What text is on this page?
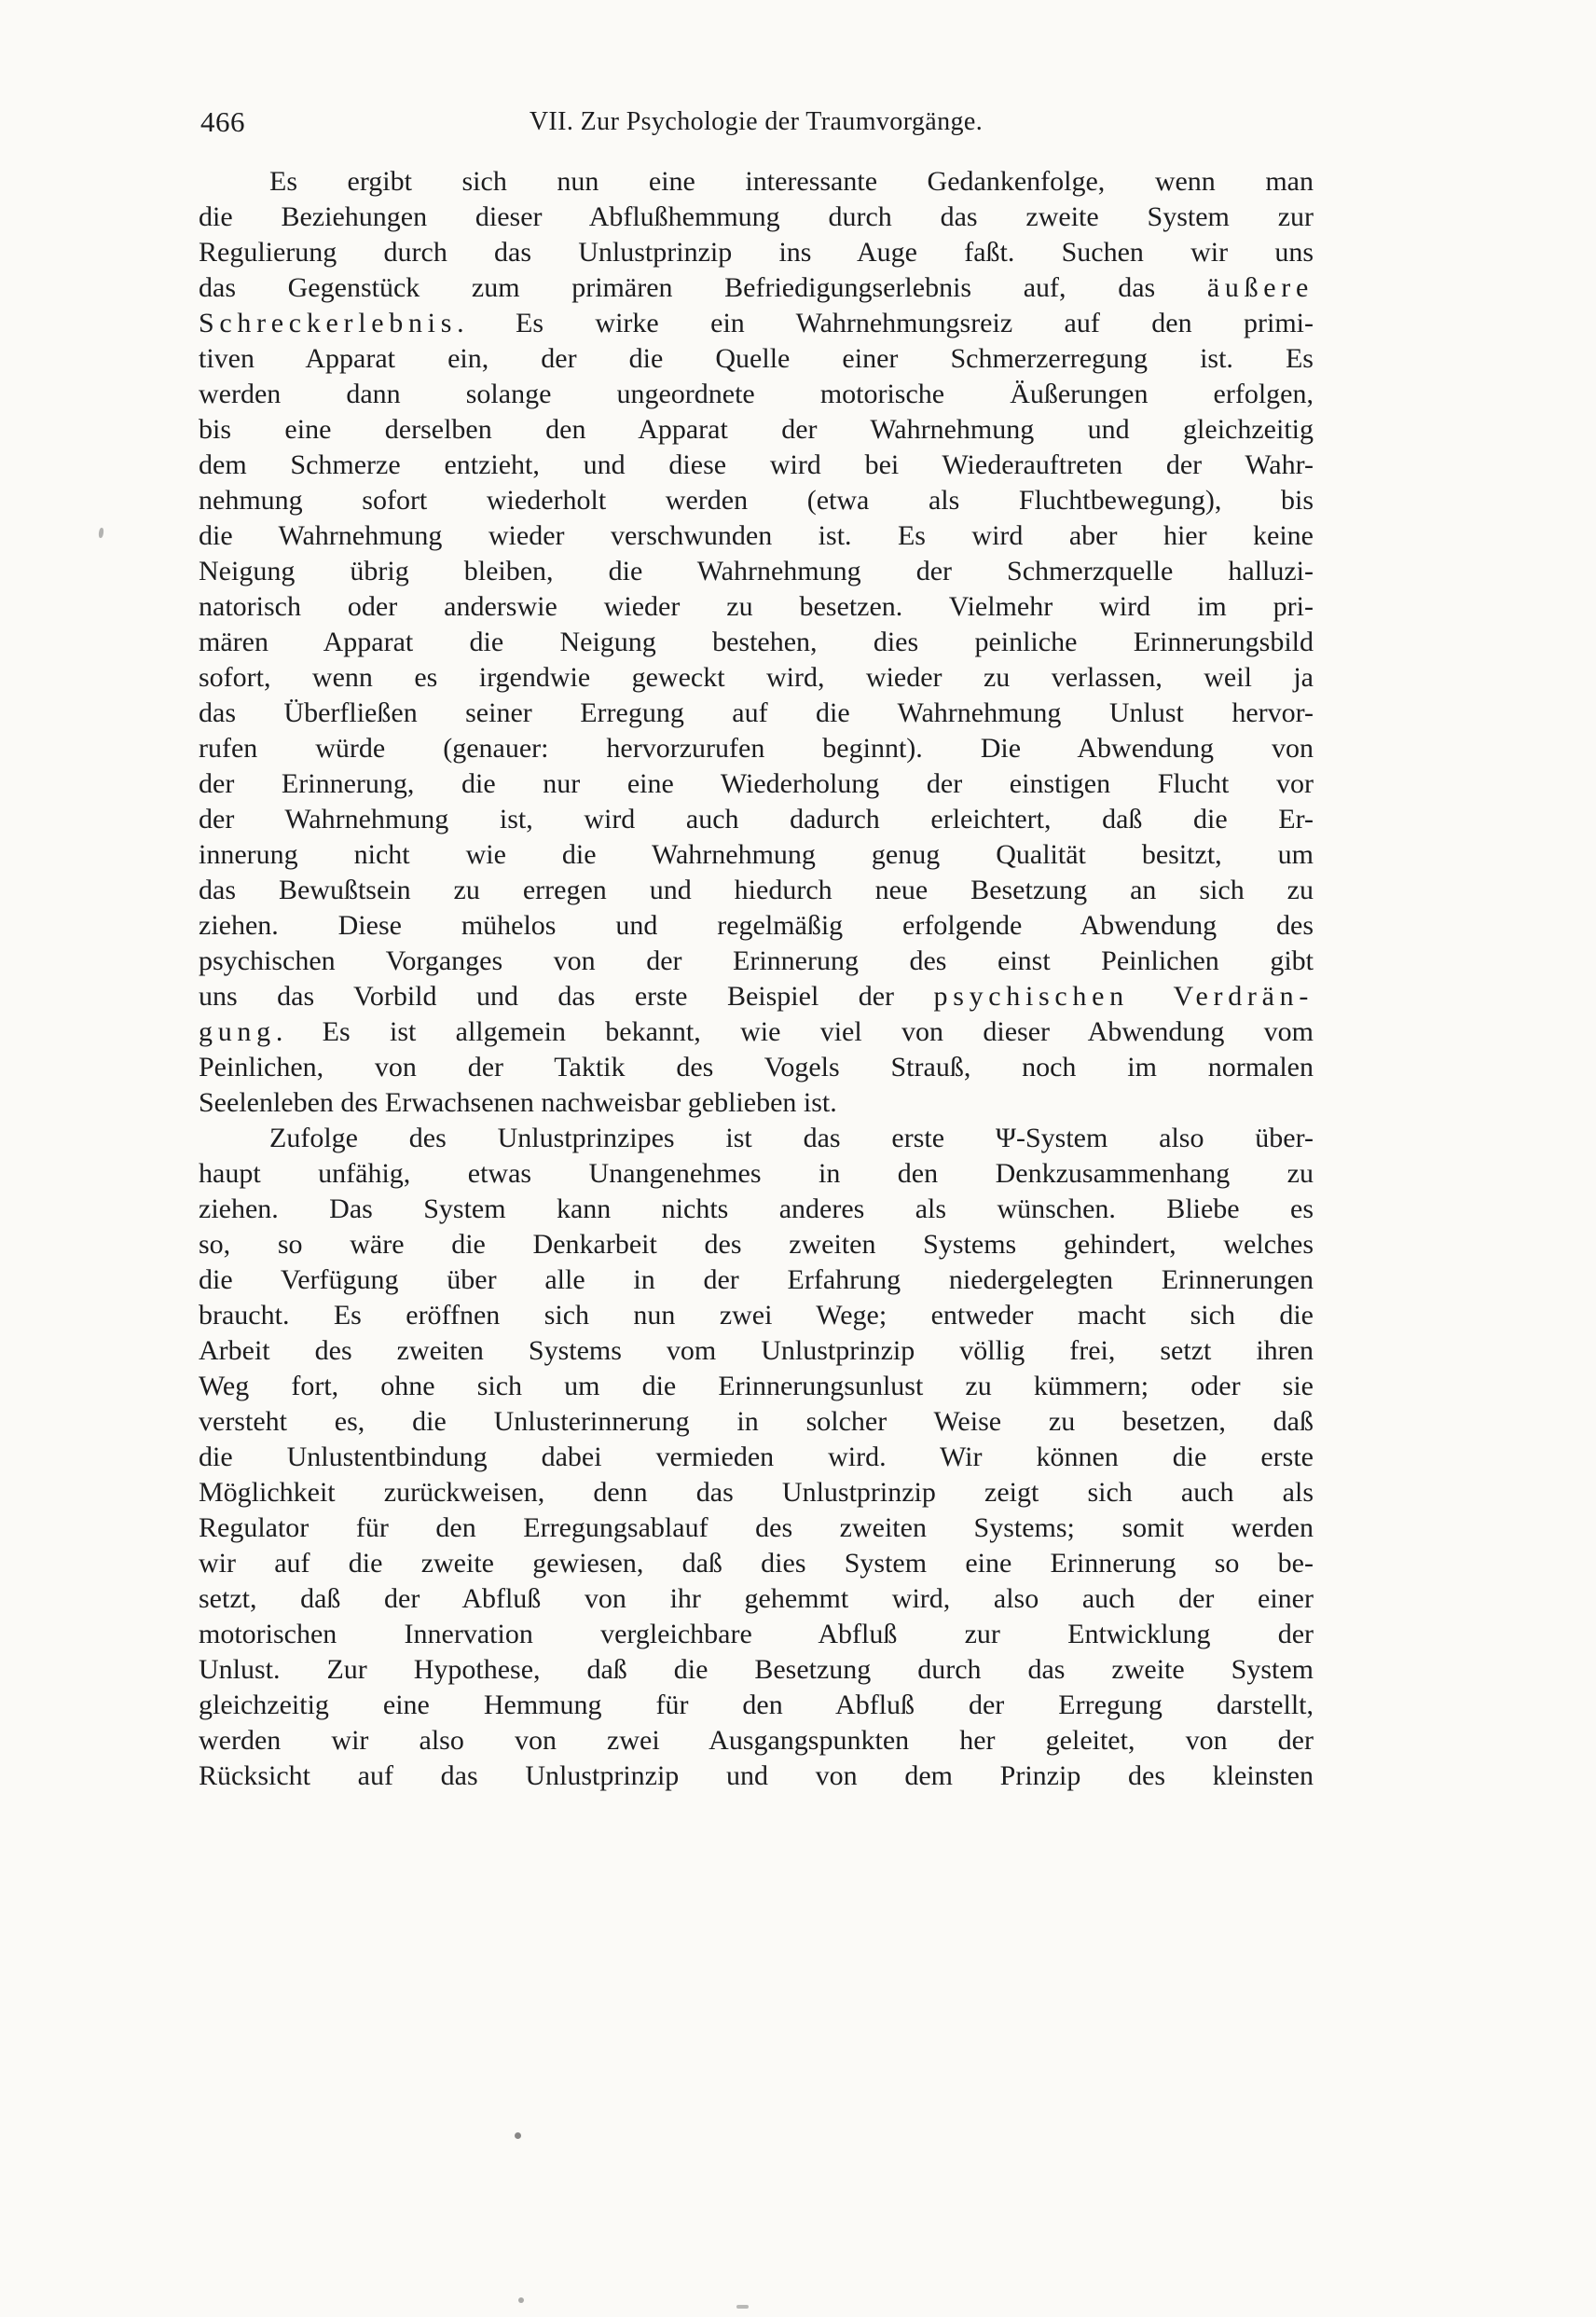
466	VII. Zur Psychologie der Traumvorgänge.
Es ergibt sich nun eine interessante Gedankenfolge, wenn man
die Beziehungen dieser Abflußhemmung durch das zweite System zur
Regulierung durch das Unlustprinzip ins Auge faßt. Suchen wir uns
das Gegenstück zum primären Befriedigungserlebnis auf, das äußere
Schreckerlebnis. Es wirke ein Wahrnehmungsreiz auf den primi-
tiven Apparat ein, der die Quelle einer Schmerzerregung ist. Es
werden dann solange ungeordnete motorische Äußerungen erfolgen,
bis eine derselben den Apparat der Wahrnehmung und gleichzeitig
dem Schmerze entzieht, und diese wird bei Wiederauftreten der Wahr-
nehmung sofort wiederholt werden (etwa als Fluchtbewegung), bis
die Wahrnehmung wieder verschwunden ist. Es wird aber hier keine
Neigung übrig bleiben, die Wahrnehmung der Schmerzquelle halluzi-
natorisch oder anderswie wieder zu besetzen. Vielmehr wird im pri-
mären Apparat die Neigung bestehen, dies peinliche Erinnerungsbild
sofort, wenn es irgendwie geweckt wird, wieder zu verlassen, weil ja
das Überfließen seiner Erregung auf die Wahrnehmung Unlust hervor-
rufen würde (genauer: hervorzurufen beginnt). Die Abwendung von
der Erinnerung, die nur eine Wiederholung der einstigen Flucht vor
der Wahrnehmung ist, wird auch dadurch erleichtert, daß die Er-
innerung nicht wie die Wahrnehmung genug Qualität besitzt, um
das Bewußtsein zu erregen und hiedurch neue Besetzung an sich zu
ziehen. Diese mühelos und regelmäßig erfolgende Abwendung des
psychischen Vorganges von der Erinnerung des einst Peinlichen gibt
uns das Vorbild und das erste Beispiel der psychischen Verdrän-
gung. Es ist allgemein bekannt, wie viel von dieser Abwendung vom
Peinlichen, von der Taktik des Vogels Strauß, noch im normalen
Seelenleben des Erwachsenen nachweisbar geblieben ist.
Zufolge des Unlustprinzipes ist das erste Ψ-System also über-
haupt unfähig, etwas Unangenehmes in den Denkzusammenhang zu
ziehen. Das System kann nichts anderes als wünschen. Bliebe es
so, so wäre die Denkarbeit des zweiten Systems gehindert, welches
die Verfügung über alle in der Erfahrung niedergelegten Erinnerungen
braucht. Es eröffnen sich nun zwei Wege; entweder macht sich die
Arbeit des zweiten Systems vom Unlustprinzip völlig frei, setzt ihren
Weg fort, ohne sich um die Erinnerungsunlust zu kümmern; oder sie
versteht es, die Unlusterinnerung in solcher Weise zu besetzen, daß
die Unlustentbindung dabei vermieden wird. Wir können die erste
Möglichkeit zurückweisen, denn das Unlustprinzip zeigt sich auch als
Regulator für den Erregungsablauf des zweiten Systems; somit werden
wir auf die zweite gewiesen, daß dies System eine Erinnerung so be-
setzt, daß der Abfluß von ihr gehemmt wird, also auch der einer
motorischen Innervation vergleichbare Abfluß zur Entwicklung der
Unlust. Zur Hypothese, daß die Besetzung durch das zweite System
gleichzeitig eine Hemmung für den Abfluß der Erregung darstellt,
werden wir also von zwei Ausgangspunkten her geleitet, von der
Rücksicht auf das Unlustprinzip und von dem Prinzip des kleinsten
